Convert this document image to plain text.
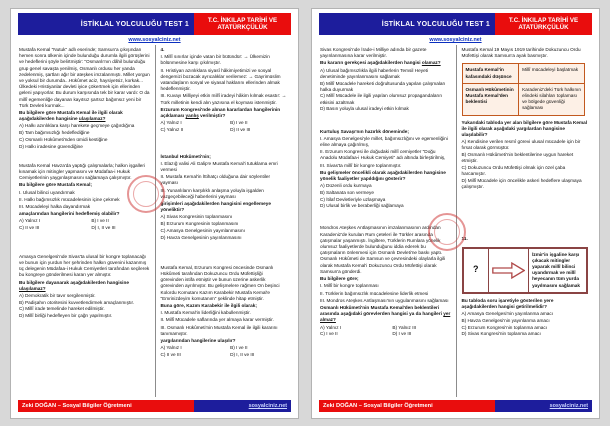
İSTİKLAL YOLCULUĞU TEST 1
T.C. İNKILAP TARİHİ VE
ATATÜRKÇÜLÜK
www.sosyalciniz.net

Mustafa Kemal "Nutuk" adlı eserinde; Samsun'a çıkışından hemen sonra ülkenin içinde bulunduğu durumla ilgili görüşlerini ve hedeflerini şöyle belirtmiştir: "Osmanlı'nın dâhil bulunduğu grup genel savaşta yenilmiş, Osmanlı ordusu her yanda zedelenmiş, şartları ağır bir ateşkes imzalanmıştı. Millet yorgun ve yoksul bir durumda...Hükûmet aciz, haysiyetsiz, korkak... Ülkedeki Hristiyanlar devleti iyice çökertmek için ellerinden geleni yapıyorlar. Bu durum karşısında tek bir karar vardı: O da millî egemenliğe dayanan kayıtsız şartsız bağımsız yeni bir Türk Devleti kurmak...

Bu bilgilere göre Mustafa Kemal ile ilgili olarak aşağıdakilerden hangisine ulaşılamaz?

A) Halkı azınlıklara karşı harekete geçmeye çağırdığına
B) Tam bağımsızlığı hedeflediğine
C) Osmanlı Hükûmeti'nden ümidi kestiğine
D) Halkı iradesine güvendiğine

Mustafa Kemal Havza'da yaptığı çalışmalarla; halkın işgalleri kınamak için mitingler yapmasını ve Müdafaa-i Hukuk Cemiyetlerinin yaygınlaşmasını sağlamaya çalışmıştır.

Bu bilgilere göre Mustafa Kemal;

I. Ulusal bilinci uyandırmak

II. Halkı bağımsızlık mücadelesinin içine çekmek

III. Mücadeleyi halka dayandırmak

amaçlarından hangilerini hedeflemiş olabilir?

A) Yalnız I	B) I ve II
C) II ve III	D) I, II ve III

Amasya Genelgesi'nde Sivas'ta ulusal bir kongre toplanacağı ve bunun için yurdun her şehrinden halkın güvenini kazanmış üç delegenin Müdafaa-i Hukuk Cemiyetleri tarafından seçilerek bu kongreye gönderilmesi kararı yer almıştır.

Bu bilgilere dayanarak aşağıdakilerden hangisine ulaşılamaz?

A) Demokratik bir tavır sergilenmiştir.
B) Padişahın otoritesini kuvvetlendirmek amaçlanmıştır.
C) Millî irade temelinde hareket edilmiştir.
D) Millî birliği hedefleyen bir çağrı yapılmıştır.

4.

I. Millî sınırlar içinde vatan bir bütündür: → Ülkemizin bölünmesine karşı çıkılmıştır.

II. Hristiyan azınlıklara siyasî hâkimiyetimizi ve sosyal dengemizi bozacak ayrıcalıklar verilemez: → Gayrimüslim vatandaşların sosyal ve siyasal haklarını ellerinden almak hedeflenmiştir.

III. Kuvayı Milliyeyi etkin millî iradeyi hâkim kılmak esastır: → Türk milletinin kendi alın yazısına el koyması istenmiştir.

Erzurum Kongresi'nde alınan kararlardan hangilerinin açıklaması yanlış verilmiştir?

A) Yalnız I	B) I ve II
C) Yalnız II	D) II ve III

İstanbul Hükûmeti'nin;

I. Elazığ valisi Ali Galip'e Mustafa Kemal'i tutuklama emri vermesi

II. Mustafa Kemal'in İttihatçı olduğuna dair söylentiler yayması

III. Yunanlıların karşılıklı anlaşma yoluyla işgalden vazgeçebileceği haberlerini yayması

girişimleri aşağıdakilerden hangisini engellemeye yöneliktir?

A) Sivas Kongresinin toplanmasını
B) Erzurum Kongresinin toplanmasını
C) Amasya Genelgesinin yayınlanmasını
D) Havza Genelgesinin yayınlanmasını

Mustafa Kemal, Erzurum Kongresi öncesinde Osmanlı Hükûmeti tarafından Dokuzuncu Ordu Müfettişliği görevinden istifa etmiştir ve bunun üzerine askerlik görevinden ayrılmıştır. Bu gelişmelere rağmen On beşinci Kolordu Komutanı Kazım Karabekir Mustafa Kemal'e "Emrinizdeyim komutanım" şeklinde hitap etmiştir.

Buna göre, Kazım Karabekir ile ilgili olarak;

I. Mustafa Kemal'in liderliğini kabullenmiştir.

II. Millî Mücadele saflarında yer almaya karar vermiştir.

III. Osmanlı Hükûmeti'nin Mustafa Kemal ile ilgili kararını tanımamıştır.

yargılarından hangilerine ulaşılır?

A) Yalnız I	B) I ve II
C) II ve III	D) I, II ve III
Zeki DOĞAN – Sosyal Bilgiler Öğretmeni	sosyalciniz.net
İSTİKLAL YOLCULUĞU TEST 1
T.C. İNKILAP TARİHİ VE
ATATÜRKÇÜLÜK
www.sosyalciniz.net

Sivas Kongresi'nde İrade-i Milliye adında bir gazete yayınlanmasına karar verilmiştir.

Bu kararın gerekçesi aşağıdakilerden hangisi olamaz?

A) Ulusal bağımsızlıkla ilgili haberlerin Temsil Heyeti denetiminde yayınlanmasını sağlamak
B) Millî Mücadele hareketi doğrultusunda yapılan çalışmaları halka duyurmak
C) Millî Mücadele ile ilgili yapılan olumsuz propagandaların etkisini azaltmak
D) Basın yoluyla ulusal iradeyi etkin kılmak

Kurtuluş Savaşı'nın hazırlık döneminde;

I. Amasya Genelgesi'yle millet, bağımsızlığını ve egemenliğini eline almaya çağırılmış,

II. Erzurum Kongresi ile doğudaki millî cemiyetler "Doğu Anadolu Müdafaa-i Hukuk Cemiyeti" adı altında birleştirilmiş,

III. Sivas'ta millî bir kongre toplanmıştır.

Bu gelişmeler öncelikli olarak aşağıdakilerden hangisine yönelik faaliyetler yapıldığını gösterir?

A) Düzenli ordu kurmaya
B) Saltanata son vermeye
C) İtilaf Devletleriyle uzlaşmaya
D) Ulusal birlik ve beraberliği sağlamaya

Mondros Ateşkes Antlaşmasının imzalanmasının ardından Karadeniz'de kurulan Rum çeteleri ile Türkler arasında çatışmalar yaşanmıştı. İngiltere, Türklerin Rumlara yönelik olumsuz faaliyetlerde bulunduğunu iddia ederek bu çatışmaların önlenmesi için Osmanlı Devleti'ne baskı yaptı. Osmanlı Hükûmeti de Samsun ve çevresindeki olaylarla ilgili olarak Mustafa Kemal'i Dokuzuncu Ordu Müfettişi olarak Samsun'a gönderdi.

Bu bilgilere göre;

I. Millî bir kongre toplanması

II. Türklerin bağımsızlık mücadelesine liderlik etmesi

III. Mondros Ateşkes Antlaşması'nın uygulanmasını sağlaması

Osmanlı Hükûmeti'nin Mustafa Kemal'den beklentileri arasında aşağıdaki görevlerden hangisi ya da hangileri yer almaz?

A) Yalnız I	B) Yalnız III
C) I ve II	D) I ve III

Mustafa Kemal 19 Mayıs 1919 tarihinde Dokuzuncu Ordu Müfettişi olarak Samsun'a ayak basmıştır.

Mustafa Kemal'in kafasındaki düşünce	Millî mücadeleyi başlatmak
Osmanlı Hükûmetinin Mustafa Kemal'den beklentisi	Karadeniz'deki Türk halkının elindeki silahları toplaması ve bölgede güvenliği sağlaması

Yukarıdaki tabloda yer alan bilgilere göre Mustafa Kemal ile ilgili olarak aşağıdaki yargılardan hangisine ulaşılabilir?

A) Kendisine verilen resmî görevi ulusal mücadele için bir fırsat olarak görmüştür.
B) Osmanlı Hükûmeti'nin beklentilerine uygun hareket etmiştir.
C) Dokuzuncu Ordu Müfettişi olmak için özel çaba harcamıştır.
D) Millî Mücadele için öncelikle askeri hedeflere ulaşmaya çalışmıştır.

11.

?
İzmir'in işgaline karşı çıkacak mitingler yaparak millî bilinci uyandırmak ve millî heyecanın tüm yurda yayılmasını sağlamak

Bu tabloda soru işaretiyle gösterilen yere aşağıdakilerden hangisi getirilmelidir?

A) Amasya Genelgesi'nin yayınlanma amacı
B) Havza Genelgesi'nin yayınlanma amacı
C) Erzurum Kongresi'nin toplanma amacı
D) Sivas Kongresi'nin toplanma amacı
Zeki DOĞAN – Sosyal Bilgiler Öğretmeni	sosyalciniz.net
